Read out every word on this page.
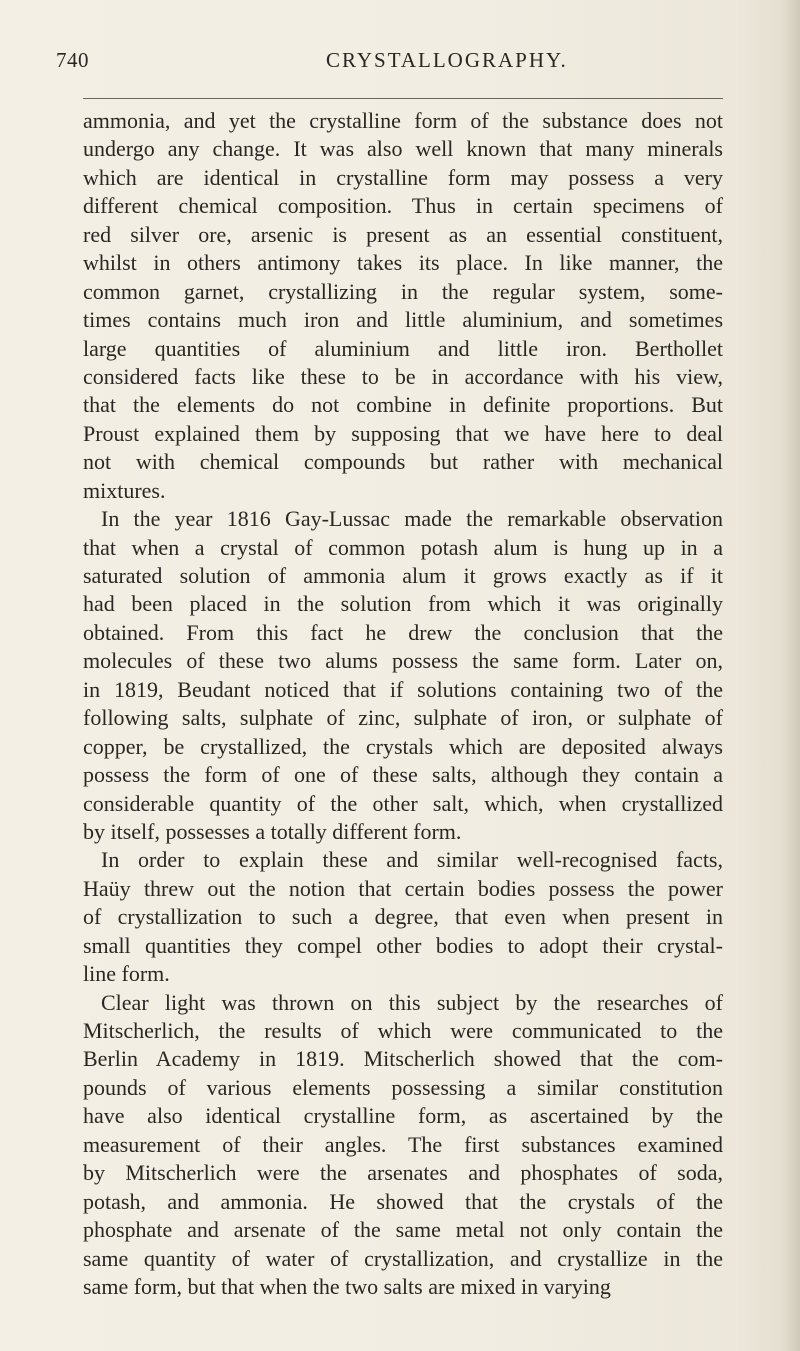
740	CRYSTALLOGRAPHY.
ammonia, and yet the crystalline form of the substance does not
undergo any change. It was also well known that many minerals
which are identical in crystalline form may possess a very
different chemical composition. Thus in certain specimens of
red silver ore, arsenic is present as an essential constituent,
whilst in others antimony takes its place. In like manner, the
common garnet, crystallizing in the regular system, some-
times contains much iron and little aluminium, and sometimes
large quantities of aluminium and little iron. Berthollet
considered facts like these to be in accordance with his view,
that the elements do not combine in definite proportions. But
Proust explained them by supposing that we have here to deal
not with chemical compounds but rather with mechanical
mixtures.
In the year 1816 Gay-Lussac made the remarkable observation
that when a crystal of common potash alum is hung up in a
saturated solution of ammonia alum it grows exactly as if it
had been placed in the solution from which it was originally
obtained. From this fact he drew the conclusion that the
molecules of these two alums possess the same form. Later on,
in 1819, Beudant noticed that if solutions containing two of the
following salts, sulphate of zinc, sulphate of iron, or sulphate of
copper, be crystallized, the crystals which are deposited always
possess the form of one of these salts, although they contain a
considerable quantity of the other salt, which, when crystallized
by itself, possesses a totally different form.
In order to explain these and similar well-recognised facts,
Haüy threw out the notion that certain bodies possess the power
of crystallization to such a degree, that even when present in
small quantities they compel other bodies to adopt their crystal-
line form.
Clear light was thrown on this subject by the researches of
Mitscherlich, the results of which were communicated to the
Berlin Academy in 1819. Mitscherlich showed that the com-
pounds of various elements possessing a similar constitution
have also identical crystalline form, as ascertained by the
measurement of their angles. The first substances examined
by Mitscherlich were the arsenates and phosphates of soda,
potash, and ammonia. He showed that the crystals of the
phosphate and arsenate of the same metal not only contain the
same quantity of water of crystallization, and crystallize in the
same form, but that when the two salts are mixed in varying
